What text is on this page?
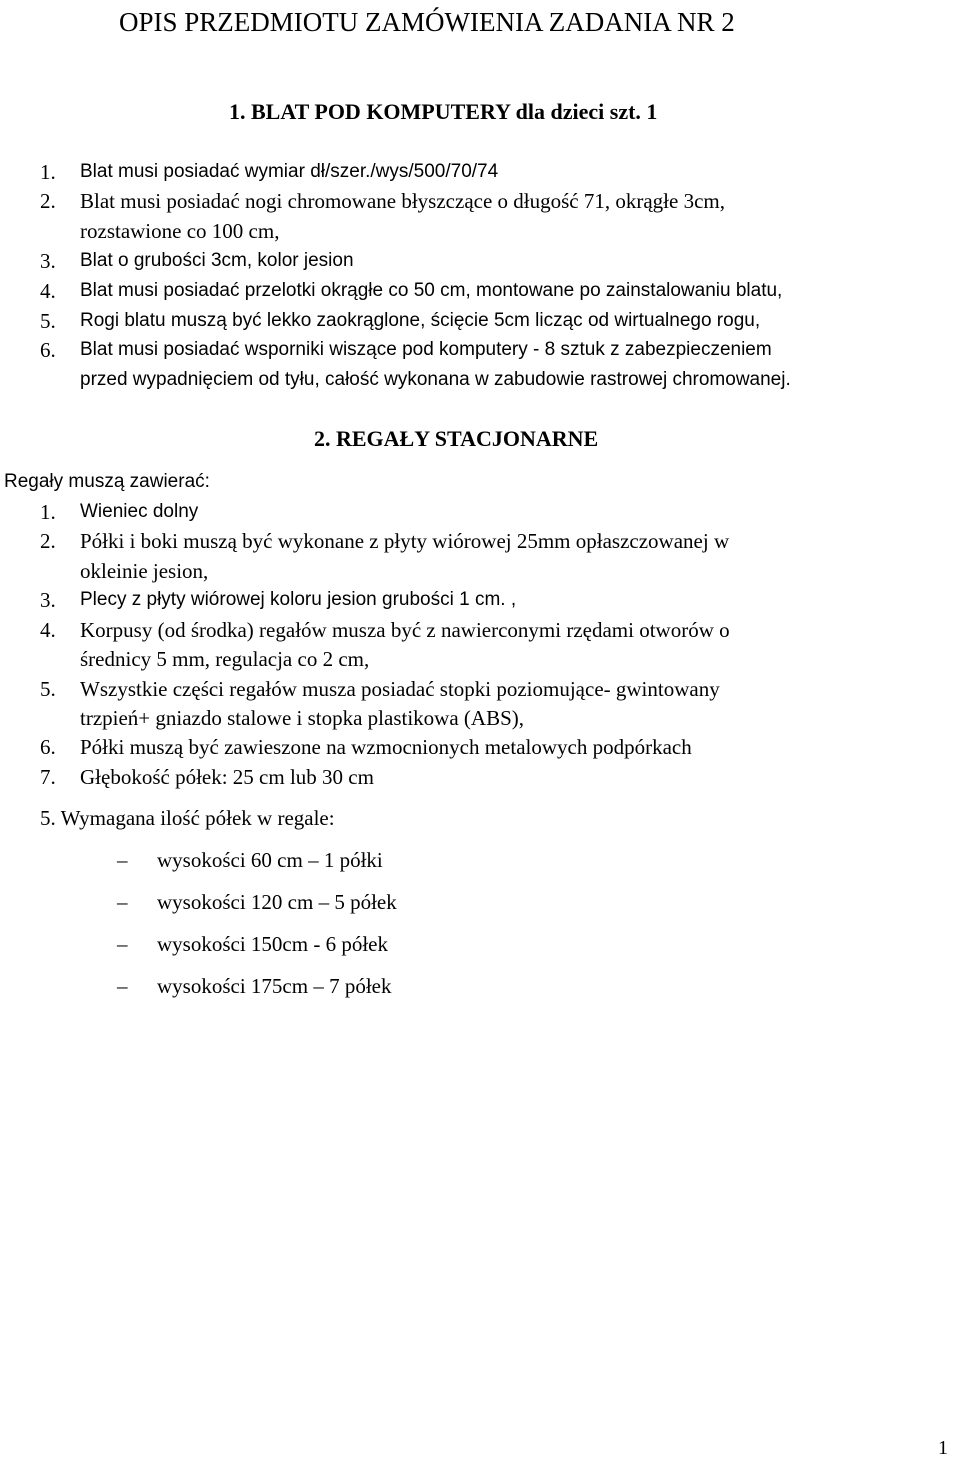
OPIS PRZEDMIOTU ZAMÓWIENIA ZADANIA NR 2
1. BLAT POD KOMPUTERY dla dzieci szt. 1
1. Blat musi posiadać wymiar dł/szer./wys/500/70/74
2. Blat musi posiadać nogi chromowane błyszczące o długość 71, okrągłe 3cm,
rozstawione co 100 cm,
3. Blat o grubości 3cm, kolor jesion
4. Blat musi posiadać przelotki okrągłe co 50 cm, montowane po zainstalowaniu blatu,
5. Rogi blatu muszą być lekko zaokrąglone, ścięcie 5cm licząc od wirtualnego rogu,
6. Blat musi posiadać wsporniki wiszące pod komputery - 8 sztuk z zabezpieczeniem
przed wypadnięciem od tyłu, całość wykonana w zabudowie rastrowej chromowanej.
2. REGAŁY STACJONARNE
Regały muszą zawierać:
1. Wieniec dolny
2. Półki i boki muszą być wykonane z płyty wiórowej 25mm opłaszczowanej w
okleinie jesion,
3. Plecy z płyty wiórowej koloru jesion grubości 1 cm. ,
4. Korpusy (od środka) regałów musza być z nawierconymi rzędami otworów o
średnicy 5 mm, regulacja co 2 cm,
5. Wszystkie części regałów musza posiadać stopki poziomujące- gwintowany
trzpień+ gniazdo stalowe i stopka plastikowa (ABS),
6. Półki muszą być zawieszone na wzmocnionych metalowych podpórkach
7. Głębokość półek: 25 cm lub 30 cm
5. Wymagana ilość półek w regale:
– wysokości 60 cm – 1 półki
– wysokości 120 cm – 5 półek
– wysokości 150cm - 6 półek
– wysokości 175cm – 7 półek
1
